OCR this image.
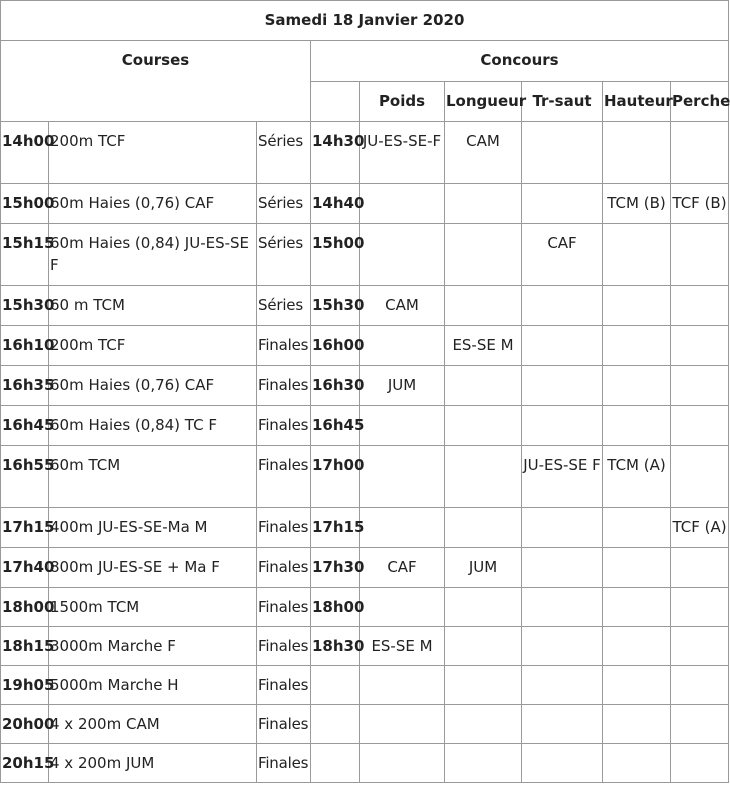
Samedi 18 Janvier 2020								
Courses			Concours					
				Poids	Longueur	Tr-saut	Hauteur	Perche
14h00	200m TCF	Séries	14h30	JU-ES-SE-F	CAM			
15h00	60m Haies (0,76) CAF	Séries	14h40				TCM (B)	TCF (B)
15h15	60m Haies (0,84) JU-ES-SE F	Séries	15h00			CAF		
15h30	60 m TCM	Séries	15h30	CAM				
16h10	200m TCF	Finales	16h00		ES-SE M			
16h35	60m Haies (0,76) CAF	Finales	16h30	JUM				
16h45	60m Haies (0,84) TC F	Finales	16h45					
16h55	60m TCM	Finales	17h00			JU-ES-SE F	TCM (A)	
17h15	400m JU-ES-SE-Ma M	Finales	17h15					TCF (A)
17h40	800m JU-ES-SE + Ma F	Finales	17h30	CAF	JUM			
18h00	1500m TCM	Finales	18h00					
18h15	3000m Marche F	Finales	18h30	ES-SE M				
19h05	5000m Marche H	Finales						
20h00	4 x 200m CAM	Finales						
20h15	4 x 200m JUM	Finales						
